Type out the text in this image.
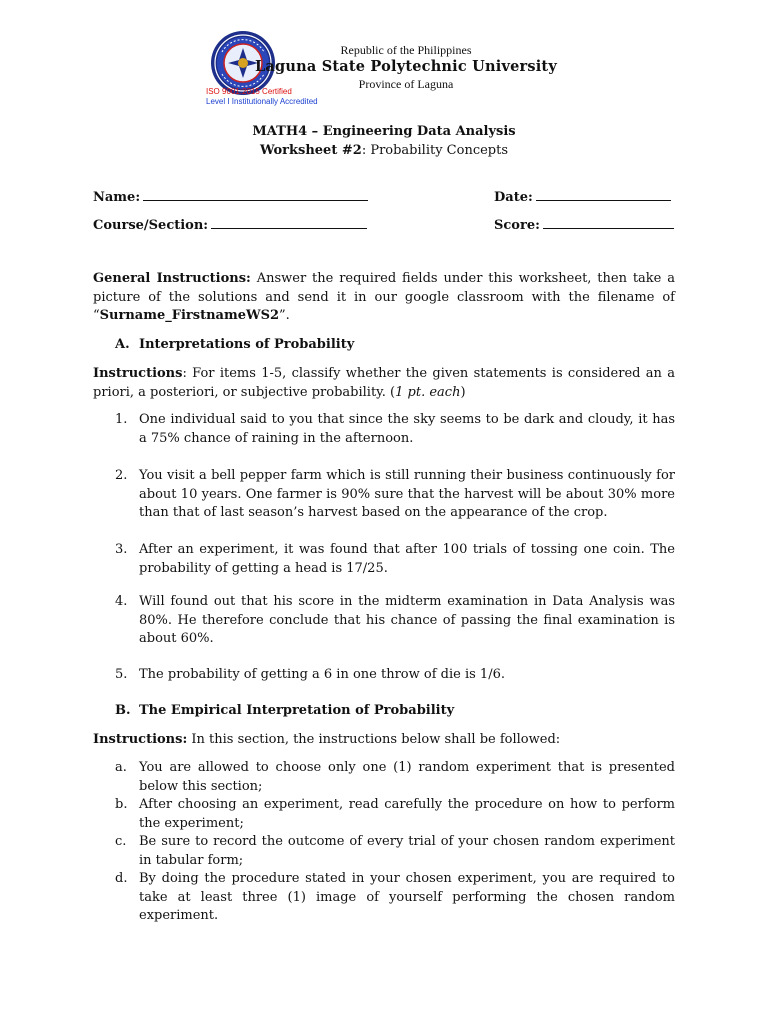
Republic of the Philippines
Laguna State Polytechnic University
Province of Laguna
ISO 9001:2015 Certified
Level I Institutionally Accredited
MATH4 – Engineering Data Analysis
Worksheet #2: Probability Concepts
Name:	Date:
Course/Section:	Score:
General Instructions: Answer the required fields under this worksheet, then take a picture of the solutions and send it in our google classroom with the filename of “Surname_FirstnameWS2”.
A. Interpretations of Probability
Instructions: For items 1-5, classify whether the given statements is considered an a priori, a posteriori, or subjective probability. (1 pt. each)
1. One individual said to you that since the sky seems to be dark and cloudy, it has a 75% chance of raining in the afternoon.
2. You visit a bell pepper farm which is still running their business continuously for about 10 years. One farmer is 90% sure that the harvest will be about 30% more than that of last season’s harvest based on the appearance of the crop.
3. After an experiment, it was found that after 100 trials of tossing one coin. The probability of getting a head is 17/25.
4. Will found out that his score in the midterm examination in Data Analysis was 80%. He therefore conclude that his chance of passing the final examination is about 60%.
5. The probability of getting a 6 in one throw of die is 1/6.
B. The Empirical Interpretation of Probability
Instructions: In this section, the instructions below shall be followed:
a. You are allowed to choose only one (1) random experiment that is presented below this section;
b. After choosing an experiment, read carefully the procedure on how to perform the experiment;
c. Be sure to record the outcome of every trial of your chosen random experiment in tabular form;
d. By doing the procedure stated in your chosen experiment, you are required to take at least three (1) image of yourself performing the chosen random experiment.
